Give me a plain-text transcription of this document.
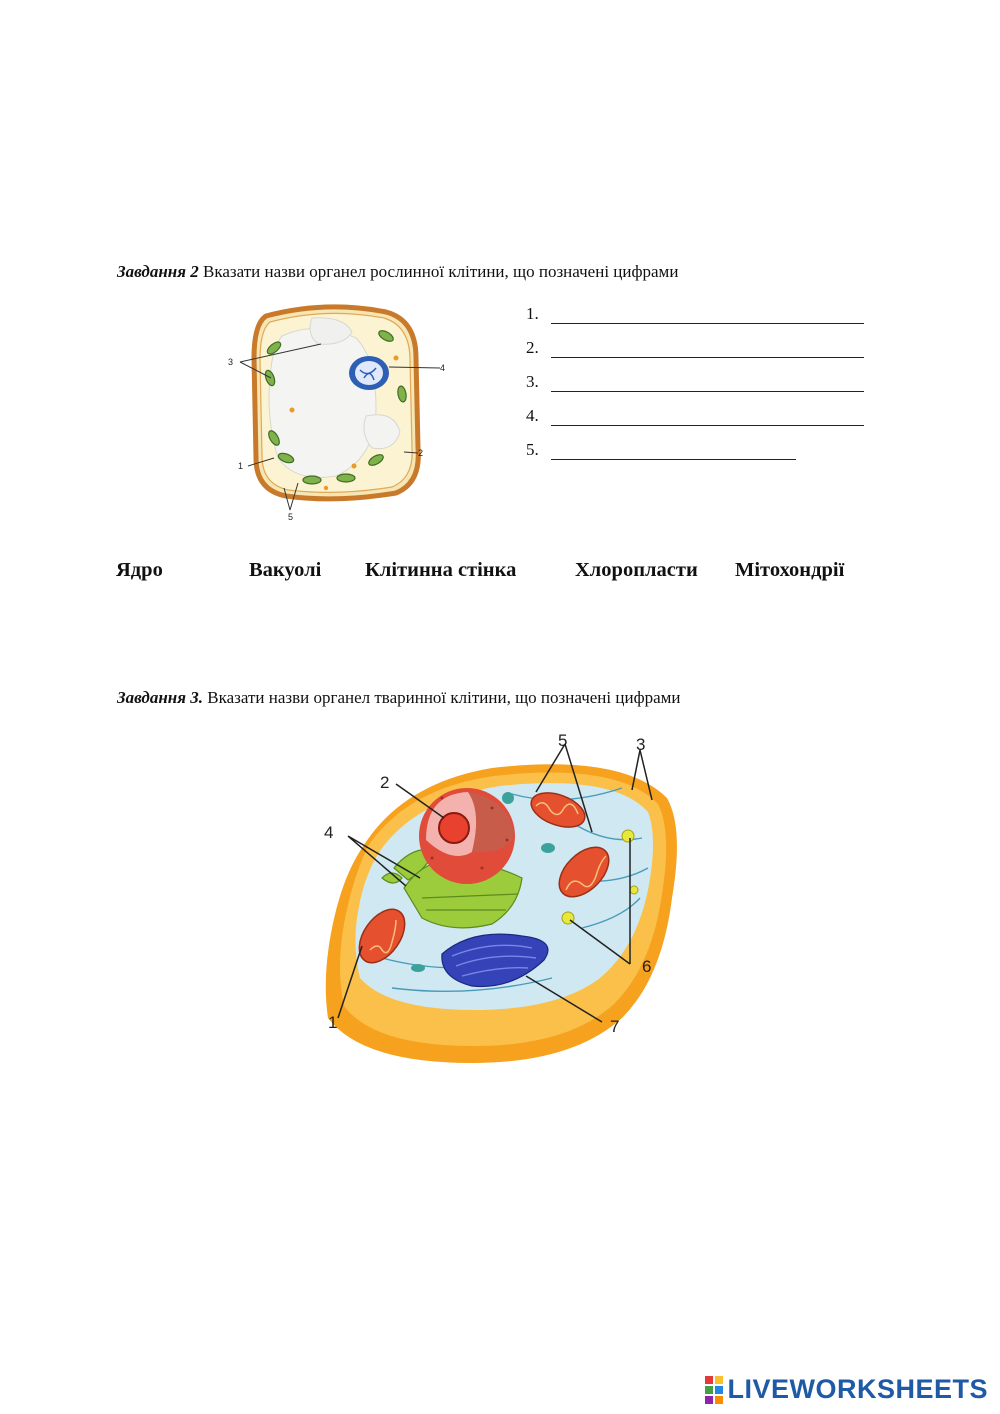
Завдання 2 Вказати назви органел рослинної клітини, що позначені цифрами

3
4
2
1
5
1.
2.
3.
4.
5.
Ядро	Вакуолі Клітинна стінка	Хлоропласти Мітохондрії

Завдання 3. Вказати назви органел тваринної клітини, що позначені цифрами

1
2
3
4
5
6
7
LIVEWORKSHEETS
